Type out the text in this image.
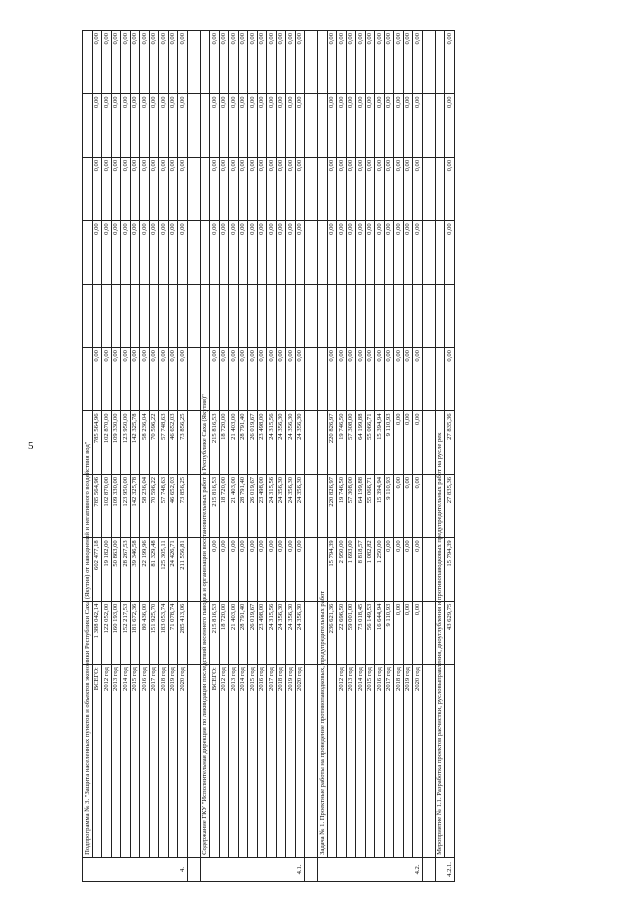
5
4.	Подпрограмма № 3. "Защита населенных пунктов и объектов экономики Республики Саха (Якутия) от наводнений и негативного воздействия вод"										
	ВСЕГО:	1 388 042,14	602 477,18	785 564,96	785 564,96	0,00		0,00	0,00	0,00	0,00
	2012 год	122 052,00	19 182,00	102 870,00	102 870,00	0,00		0,00	0,00	0,00	0,00
	2013 год	160 193,00	50 863,00	109 330,00	109 330,00	0,00		0,00	0,00	0,00	0,00
	2014 год	152 217,53	28 267,53	123 950,00	123 950,00	0,00		0,00	0,00	0,00	0,00
	2015 год	181 672,36	39 346,58	142 325,78	142 325,78	0,00		0,00	0,00	0,00	0,00
	2016 год	80 436,00	22 199,96	58 236,04	58 236,04	0,00		0,00	0,00	0,00	0,00
	2017 год	151 925,70	81 329,48	70 596,22	70 596,22	0,00		0,00	0,00	0,00	0,00
	2018 год	183 053,74	125 305,11	57 748,63	57 748,63	0,00		0,00	0,00	0,00	0,00
	2019 год	71 078,74	24 426,71	46 652,03	46 652,03	0,00		0,00	0,00	0,00	0,00
	2020 год	285 413,06	211 556,81	73 856,25	73 856,25	0,00		0,00	0,00	0,00	0,00

4.1.	Содержание ГКУ "Исполнительная дирекция по ликвидации последствий весеннего паводка и организации восстановительных работ в Республике Саха (Якутия)"										
	ВСЕГО:	215 816,53	0,00	215 816,53	215 816,53	0,00		0,00	0,00	0,00	0,00
	2012 год	18 720,00	0,00	18 720,00	18 720,00	0,00		0,00	0,00	0,00	0,00
	2013 год	21 403,00	0,00	21 403,00	21 403,00	0,00		0,00	0,00	0,00	0,00
	2014 год	28 791,40	0,00	28 791,40	28 791,40	0,00		0,00	0,00	0,00	0,00
	2015 год	26 019,67	0,00	26 019,67	26 019,67	0,00		0,00	0,00	0,00	0,00
	2016 год	23 498,00	0,00	23 498,00	23 498,00	0,00		0,00	0,00	0,00	0,00
	2017 год	24 315,56	0,00	24 315,56	24 315,56	0,00		0,00	0,00	0,00	0,00
	2018 год	24 356,30	0,00	24 356,30	24 356,30	0,00		0,00	0,00	0,00	0,00
	2019 год	24 356,30	0,00	24 356,30	24 356,30	0,00		0,00	0,00	0,00	0,00
	2020 год	24 356,30	0,00	24 356,30	24 356,30	0,00		0,00	0,00	0,00	0,00

4.2.	Задача № 1. Проектные работы на проведение противопаводковых, предупредительных работ										
		236 621,36	15 794,39	220 826,97	220 826,97	0,00		0,00	0,00	0,00	0,00
	2012 год	22 696,50	2 950,00	19 746,50	19 746,50	0,00		0,00	0,00	0,00	0,00
	2013 год	59 001,00	1 693,00	57 308,00	57 308,00	0,00		0,00	0,00	0,00	0,00
	2014 год	73 018,45	8 818,57	64 199,88	64 199,88	0,00		0,00	0,00	0,00	0,00
	2015 год	56 149,53	1 082,82	55 066,71	55 066,71	0,00		0,00	0,00	0,00	0,00
	2016 год	16 644,94	1 250,00	15 394,94	15 394,94	0,00		0,00	0,00	0,00	0,00
	2017 год	9 110,93	0,00	9 110,93	9 110,93	0,00		0,00	0,00	0,00	0,00
	2018 год	0,00	0,00	0,00	0,00	0,00		0,00	0,00	0,00	0,00
	2019 год	0,00	0,00	0,00	0,00	0,00		0,00	0,00	0,00	0,00
	2020 год	0,00	0,00	0,00	0,00	0,00		0,00	0,00	0,00	0,00

4.2.1.	Мероприятие № 1.1. Разработка проектов расчистки, русловыправления, дноуглубления и противопаводковых предупредительных работ на русле рек										
		43 629,75	15 794,39	27 835,36	27 835,36	0,00		0,00	0,00	0,00	0,00
